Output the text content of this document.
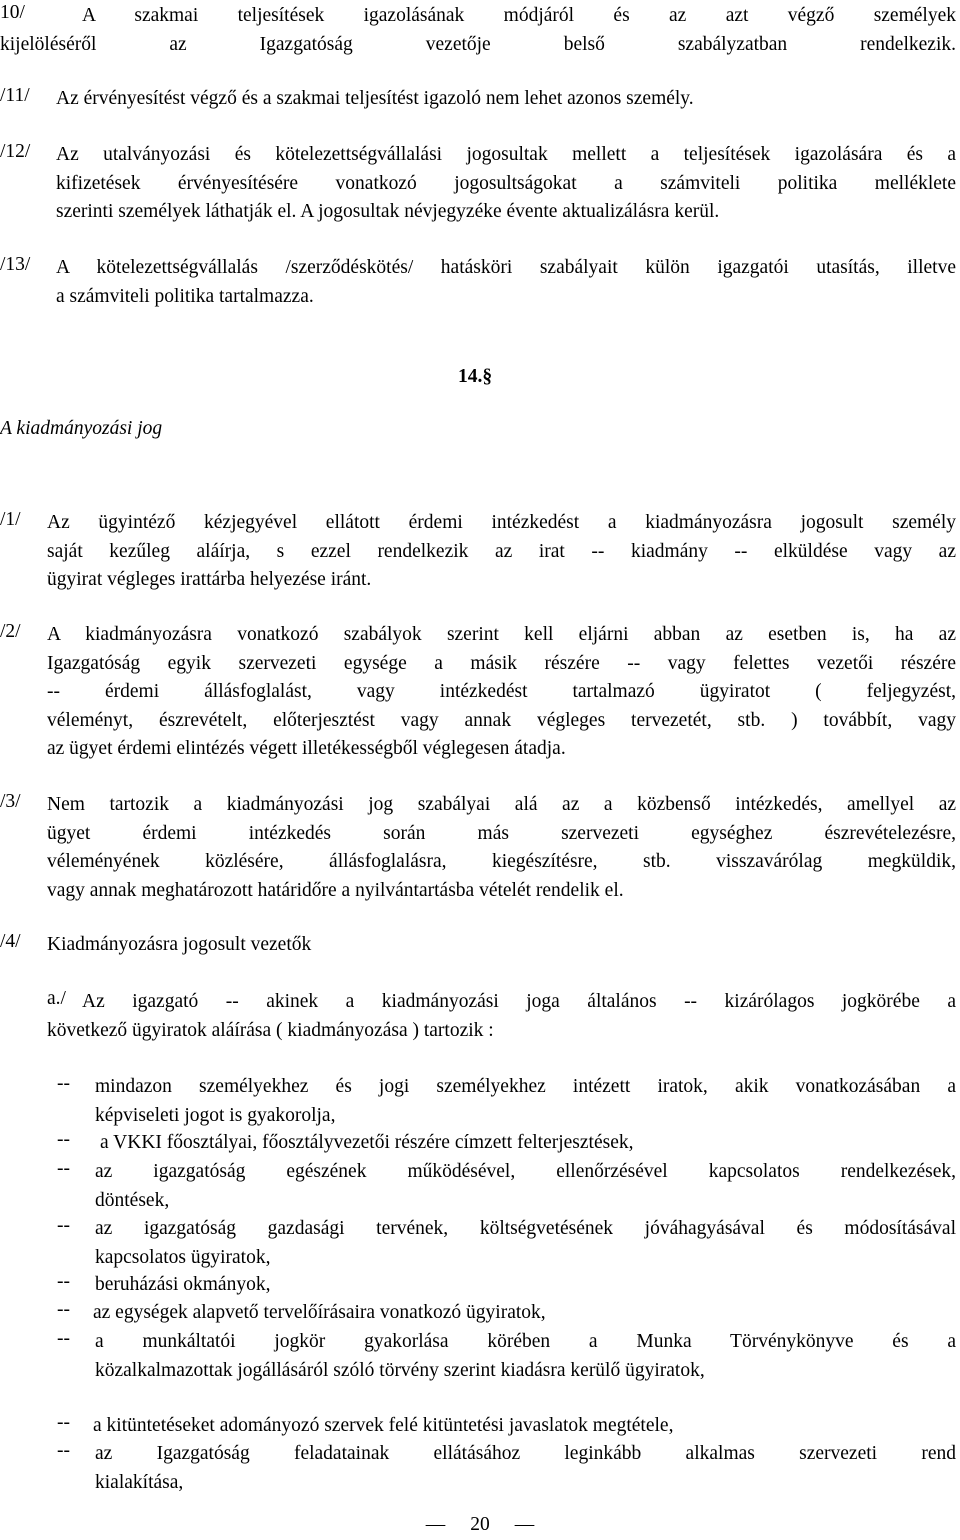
10/	A szakmai teljesítések igazolásának módjáról és az azt végző személyek
kijelöléséről az Igazgatóság vezetője belső szabályzatban rendelkezik.
/11/ Az érvényesítést végző és a szakmai teljesítést igazoló nem lehet azonos személy.
/12/ Az utalványozási és kötelezettségvállalási jogosultak mellett a teljesítések igazolására és a
kifizetések érvényesítésére vonatkozó jogosultságokat a számviteli politika melléklete
szerinti személyek láthatják el. A jogosultak névjegyzéke évente aktualizálásra kerül.
/13/ A kötelezettségvállalás /szerződéskötés/ hatásköri szabályait külön igazgatói utasítás, illetve
a számviteli politika tartalmazza.
14.§
A kiadmányozási jog
/1/ Az ügyintéző kézjegyével ellátott érdemi intézkedést a kiadmányozásra jogosult személy
saját kezűleg aláírja, s ezzel rendelkezik az irat -- kiadmány -- elküldése vagy az
ügyirat végleges irattárba helyezése iránt.
/2/ A kiadmányozásra vonatkozó szabályok szerint kell eljárni abban az esetben is, ha az
Igazgatóság egyik szervezeti egysége a másik részére -- vagy felettes vezetői részére
-- érdemi állásfoglalást, vagy intézkedést tartalmazó ügyiratot ( feljegyzést,
véleményt, észrevételt, előterjesztést vagy annak végleges tervezetét, stb. ) továbbít, vagy
az ügyet érdemi elintézés végett illetékességből véglegesen átadja.
/3/ Nem tartozik a kiadmányozási jog szabályai alá az a közbenső intézkedés, amellyel az
ügyet érdemi intézkedés során más szervezeti egységhez észrevételezésre,
véleményének közlésére, állásfoglalásra, kiegészítésre, stb. visszavárólag megküldik,
vagy annak meghatározott határidőre a nyilvántartásba vételét rendelik el.
/4/ Kiadmányozásra jogosult vezetők
a./ Az igazgató -- akinek a kiadmányozási joga általános -- kizárólagos jogkörébe a
következő ügyiratok aláírása ( kiadmányozása ) tartozik :
-- mindazon személyekhez és jogi személyekhez intézett iratok, akik vonatkozásában a
képviseleti jogot is gyakorolja,
-- a VKKI főosztályai, főosztályvezetői részére címzett felterjesztések,
-- az igazgatóság egészének működésével, ellenőrzésével kapcsolatos rendelkezések,
döntések,
-- az igazgatóság gazdasági tervének, költségvetésének jóváhagyásával és módosításával
kapcsolatos ügyiratok,
-- beruházási okmányok,
-- az egységek alapvető tervelőírásaira vonatkozó ügyiratok,
-- a munkáltatói jogkör gyakorlása körében a Munka Törvénykönyve és a
közalkalmazottak jogállásáról szóló törvény szerint kiadásra kerülő ügyiratok,
-- a kitüntetéseket adományozó szervek felé kitüntetési javaslatok megtétele,
-- az Igazgatóság feladatainak ellátásához leginkább alkalmas szervezeti rend
kialakítása,
— 20 —
